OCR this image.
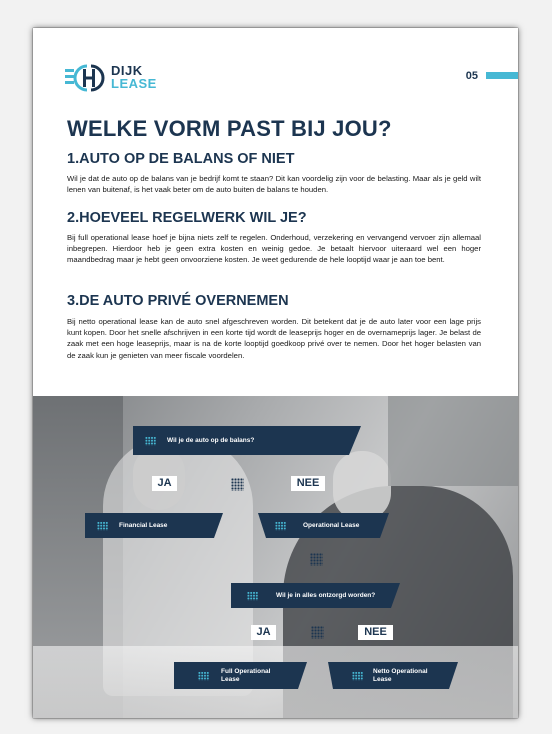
DIJK
LEASE	05
WELKE VORM PAST BIJ JOU?
1.AUTO OP DE BALANS OF NIET
Wil je dat de auto op de balans van je bedrijf komt te staan? Dit kan voordelig zijn voor de belasting. Maar als je geld wilt lenen van buitenaf, is het vaak beter om de auto buiten de balans te houden.
2.HOEVEEL REGELWERK WIL JE?
Bij full operational lease hoef je bijna niets zelf te regelen. Onderhoud, verzekering en vervangend vervoer zijn allemaal inbegrepen. Hierdoor heb je geen extra kosten en weinig gedoe. Je betaalt hiervoor uiteraard wel een hoger maandbedrag maar je hebt geen onvoorziene kosten. Je weet gedurende de hele looptijd waar je aan toe bent.
3.DE AUTO PRIVÉ OVERNEMEN
Bij netto operational lease kan de auto snel afgeschreven worden. Dit betekent dat je de auto later voor een lage prijs kunt kopen. Door het snelle afschrijven in een korte tijd wordt de leaseprijs hoger en de overnameprijs lager. Je belast de zaak met een hoge leaseprijs, maar is na de korte looptijd goedkoop privé over te nemen. Door het hoger belasten van de zaak kun je genieten van meer fiscale voordelen.
Wil je de auto op de balans?
JA	NEE
Financial Lease	Operational Lease
Wil je in alles ontzorgd worden?
JA	NEE
Full Operational
Lease
Netto Operational
Lease
